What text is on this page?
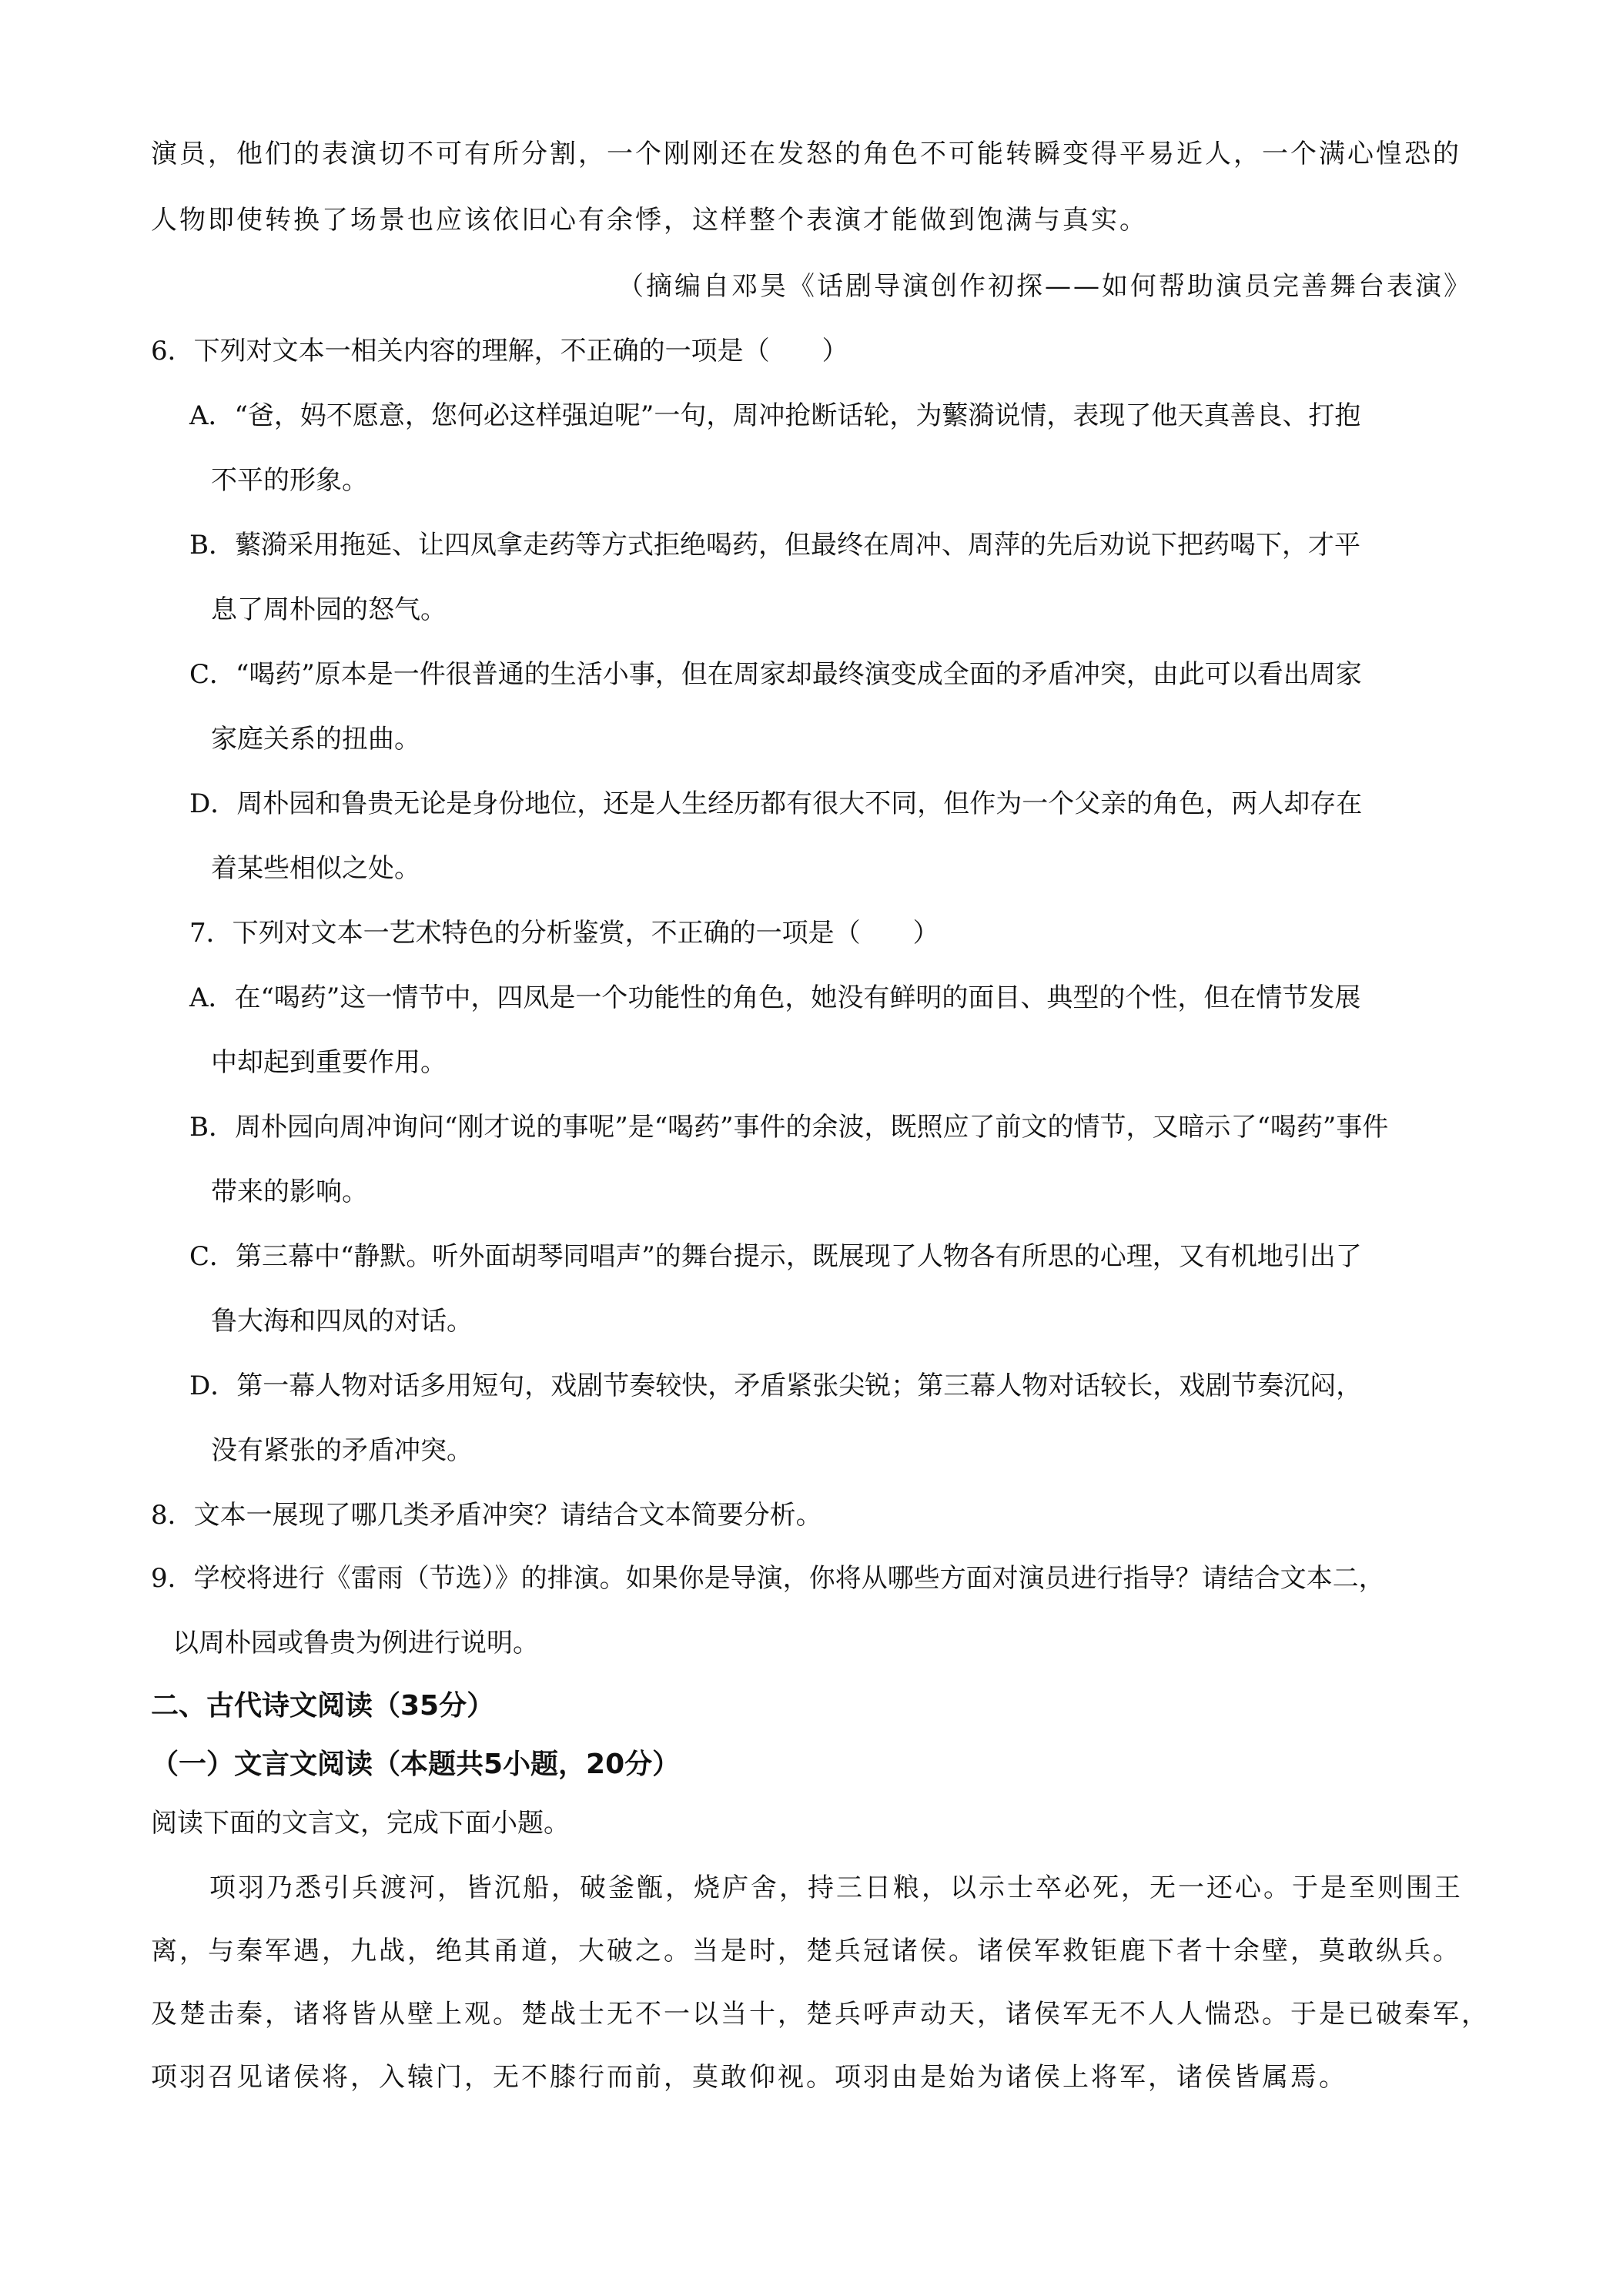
演员，他们的表演切不可有所分割，一个刚刚还在发怒的角色不可能转瞬变得平易近人，一个满心惶恐的
人物即使转换了场景也应该依旧心有余悸，这样整个表演才能做到饱满与真实。
（摘编自邓昊《话剧导演创作初探——如何帮助演员完善舞台表演》
6．下列对文本一相关内容的理解，不正确的一项是（　　）
A．“爸，妈不愿意，您何必这样强迫呢”一句，周冲抢断话轮，为蘩漪说情，表现了他天真善良、打抱
不平的形象。
B．蘩漪采用拖延、让四凤拿走药等方式拒绝喝药，但最终在周冲、周萍的先后劝说下把药喝下，才平
息了周朴园的怒气。
C．“喝药”原本是一件很普通的生活小事，但在周家却最终演变成全面的矛盾冲突，由此可以看出周家
家庭关系的扭曲。
D．周朴园和鲁贵无论是身份地位，还是人生经历都有很大不同，但作为一个父亲的角色，两人却存在
着某些相似之处。
7．下列对文本一艺术特色的分析鉴赏，不正确的一项是（　　）
A．在“喝药”这一情节中，四凤是一个功能性的角色，她没有鲜明的面目、典型的个性，但在情节发展
中却起到重要作用。
B．周朴园向周冲询问“刚才说的事呢”是“喝药”事件的余波，既照应了前文的情节，又暗示了“喝药”事件
带来的影响。
C．第三幕中“静默。听外面胡琴同唱声”的舞台提示，既展现了人物各有所思的心理，又有机地引出了
鲁大海和四凤的对话。
D．第一幕人物对话多用短句，戏剧节奏较快，矛盾紧张尖锐；第三幕人物对话较长，戏剧节奏沉闷，
没有紧张的矛盾冲突。
8．文本一展现了哪几类矛盾冲突？请结合文本简要分析。
9．学校将进行《雷雨（节选）》的排演。如果你是导演，你将从哪些方面对演员进行指导？请结合文本二，
以周朴园或鲁贵为例进行说明。
二、古代诗文阅读（35分）
（一）文言文阅读（本题共5小题，20分）
阅读下面的文言文，完成下面小题。
项羽乃悉引兵渡河，皆沉船，破釜甑，烧庐舍，持三日粮，以示士卒必死，无一还心。于是至则围王
离，与秦军遇，九战，绝其甬道，大破之。当是时，楚兵冠诸侯。诸侯军救钜鹿下者十余壁，莫敢纵兵。
及楚击秦，诸将皆从壁上观。楚战士无不一以当十，楚兵呼声动天，诸侯军无不人人惴恐。于是已破秦军，
项羽召见诸侯将，入辕门，无不膝行而前，莫敢仰视。项羽由是始为诸侯上将军，诸侯皆属焉。
